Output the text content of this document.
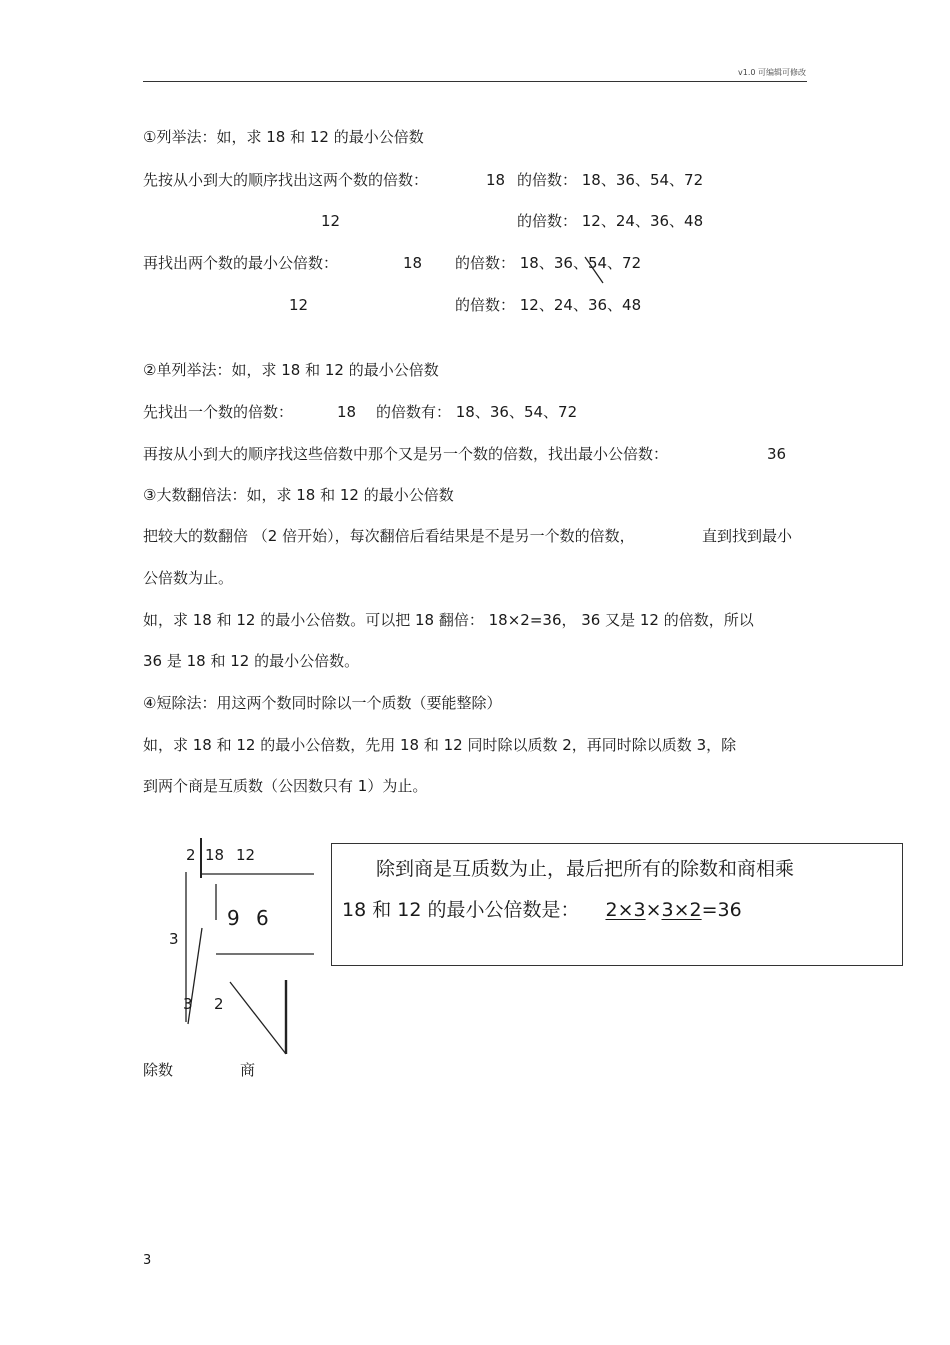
v1.0 可编辑可修改
①列举法：如，求 18 和 12 的最小公倍数
先按从小到大的顺序找出这两个数的倍数：	18 的倍数： 18、36、54、72
12	的倍数： 12、24、36、48
再找出两个数的最小公倍数：	18 的倍数： 18、36、54、72
12	的倍数： 12、24、36、48
②单列举法：如，求 18 和 12 的最小公倍数
先找出一个数的倍数：	18 的倍数有： 18、36、54、72
再按从小到大的顺序找这些倍数中那个又是另一个数的倍数，找出最小公倍数：	36
③大数翻倍法：如，求 18 和 12 的最小公倍数
把较大的数翻倍 （2 倍开始），每次翻倍后看结果是不是另一个数的倍数，	直到找到最小
公倍数为止。
如，求 18 和 12 的最小公倍数。可以把 18 翻倍： 18×2=36， 36 又是 12 的倍数，所以
36 是 18 和 12 的最小公倍数。
④短除法：用这两个数同时除以一个质数（要能整除）
如，求 18 和 12 的最小公倍数，先用 18 和 12 同时除以质数 2，再同时除以质数 3，除
到两个商是互质数（公因数只有 1）为止。
2 18 12
3
9 6
3 2
除数	商
除到商是互质数为止，最后把所有的除数和商相乘
18 和 12 的最小公倍数是： 2×3×3×2=36
3
